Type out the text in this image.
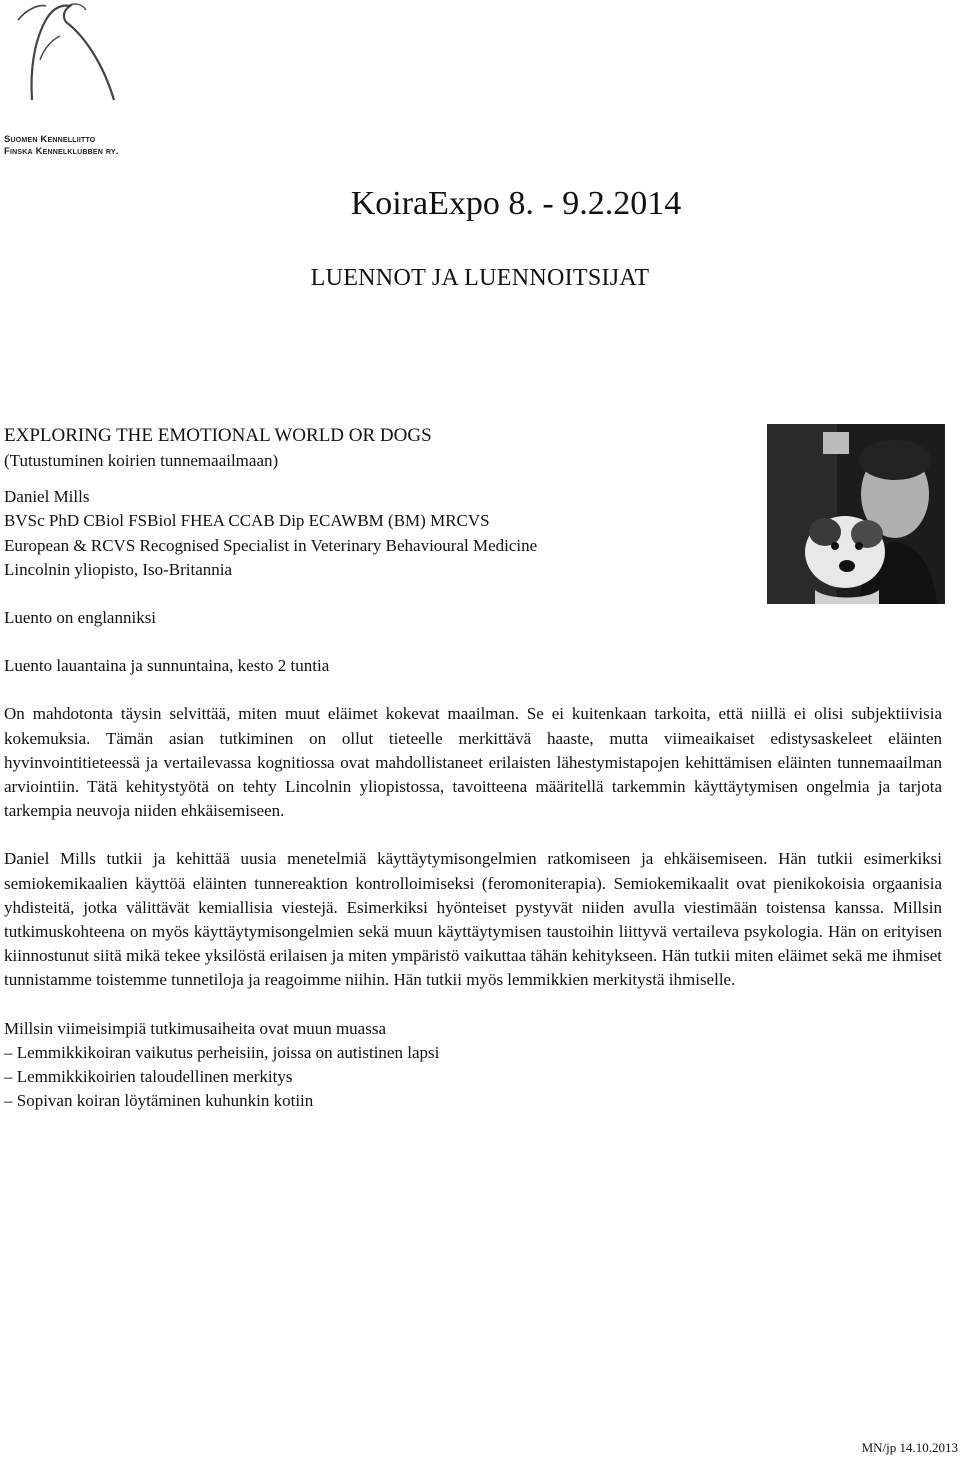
Suomen Kennelliitto
Finska Kennelklubben ry.
KoiraExpo 8. - 9.2.2014
LUENNOT JA LUENNOITSIJAT

EXPLORING THE EMOTIONAL WORLD OR DOGS

(Tutustuminen koirien tunnemaailmaan)

Daniel Mills

BVSc PhD CBiol FSBiol FHEA CCAB Dip ECAWBM (BM) MRCVS

European & RCVS Recognised Specialist in Veterinary Behavioural Medicine

Lincolnin yliopisto, Iso-Britannia

Luento on englanniksi

Luento lauantaina ja sunnuntaina, kesto 2 tuntia

On mahdotonta täysin selvittää, miten muut eläimet kokevat maailman. Se ei kuitenkaan tarkoita, että niillä ei olisi subjektiivisia kokemuksia. Tämän asian tutkiminen on ollut tieteelle merkittävä haaste, mutta viimeaikaiset edistysaskeleet eläinten hyvinvointitieteessä ja vertailevassa kognitiossa ovat mahdollistaneet erilaisten lähestymistapojen kehittämisen eläinten tunnemaailman arviointiin. Tätä kehitystyötä on tehty Lincolnin yliopistossa, tavoitteena määritellä tarkemmin käyttäytymisen ongelmia ja tarjota tarkempia neuvoja niiden ehkäisemiseen.

Daniel Mills tutkii ja kehittää uusia menetelmiä käyttäytymisongelmien ratkomiseen ja ehkäisemiseen. Hän tutkii esimerkiksi semiokemikaalien käyttöä eläinten tunnereaktion kontrolloimiseksi (feromoniterapia). Semiokemikaalit ovat pienikokoisia orgaanisia yhdisteitä, jotka välittävät kemiallisia viestejä. Esimerkiksi hyönteiset pystyvät niiden avulla viestimään toistensa kanssa. Millsin tutkimuskohteena on myös käyttäytymisongelmien sekä muun käyttäytymisen taustoihin liittyvä vertaileva psykologia. Hän on erityisen kiinnostunut siitä mikä tekee yksilöstä erilaisen ja miten ympäristö vaikuttaa tähän kehitykseen. Hän tutkii miten eläimet sekä me ihmiset tunnistamme toistemme tunnetiloja ja reagoimme niihin. Hän tutkii myös lemmikkien merkitystä ihmiselle.

Millsin viimeisimpiä tutkimusaiheita ovat muun muassa

– Lemmikkikoiran vaikutus perheisiin, joissa on autistinen lapsi

– Lemmikkikoirien taloudellinen merkitys

– Sopivan koiran löytäminen kuhunkin kotiin

MN/jp 14.10.2013
